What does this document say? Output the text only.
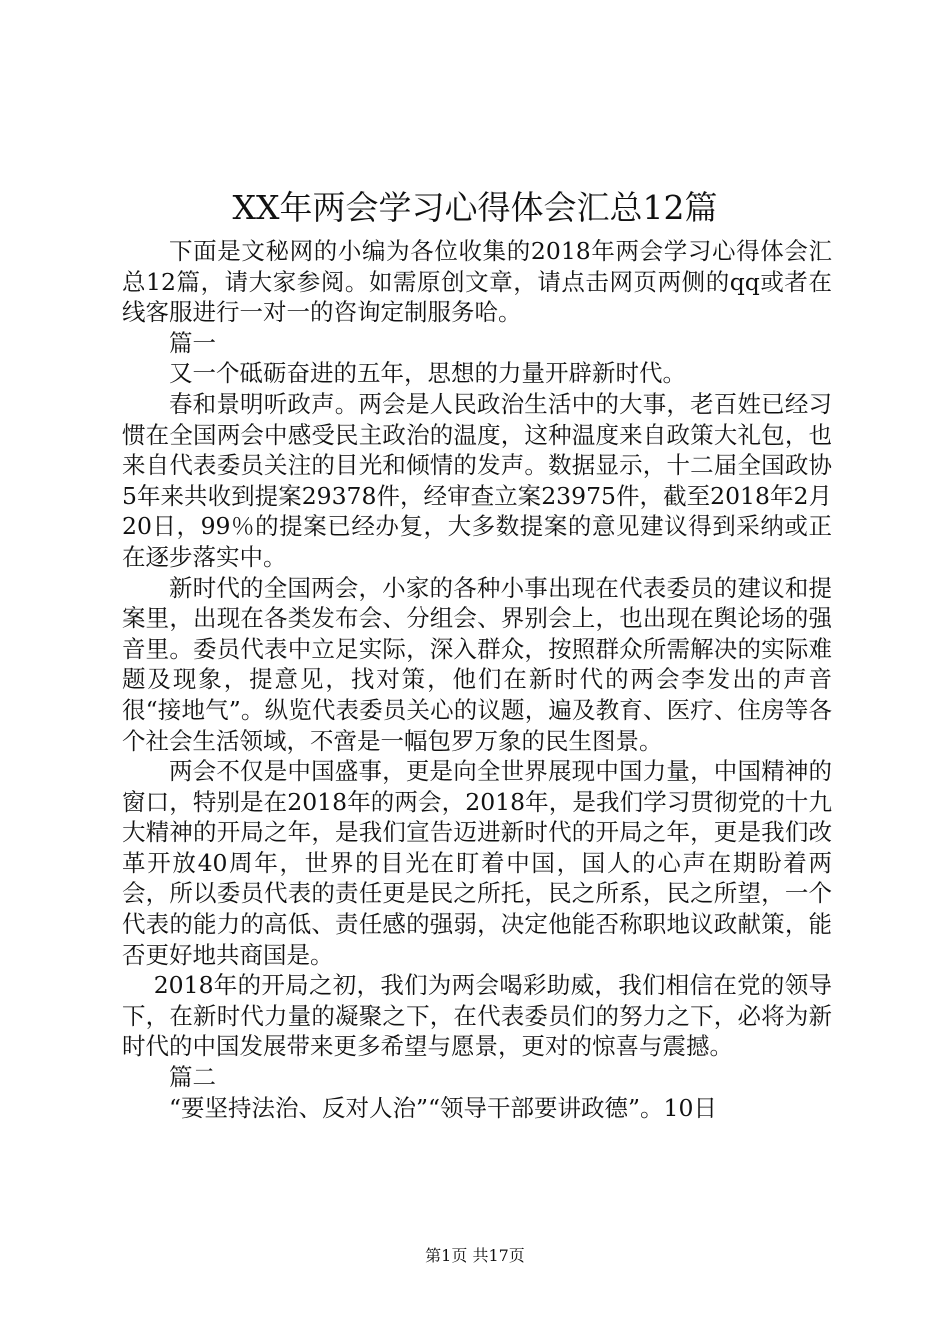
XX年两会学习心得体会汇总12篇

下面是文秘网的小编为各位收集的2018年两会学习心得体会汇总12篇，请大家参阅。如需原创文章，请点击网页两侧的qq或者在线客服进行一对一的咨询定制服务哈。

篇一

又一个砥砺奋进的五年，思想的力量开辟新时代。

春和景明听政声。两会是人民政治生活中的大事，老百姓已经习惯在全国两会中感受民主政治的温度，这种温度来自政策大礼包，也来自代表委员关注的目光和倾情的发声。数据显示，十二届全国政协5年来共收到提案29378件，经审查立案23975件，截至2018年2月20日，99％的提案已经办复，大多数提案的意见建议得到采纳或正在逐步落实中。

新时代的全国两会，小家的各种小事出现在代表委员的建议和提案里，出现在各类发布会、分组会、界别会上，也出现在舆论场的强音里。委员代表中立足实际，深入群众，按照群众所需解决的实际难题及现象，提意见，找对策，他们在新时代的两会李发出的声音很“接地气”。纵览代表委员关心的议题，遍及教育、医疗、住房等各个社会生活领域，不啻是一幅包罗万象的民生图景。

两会不仅是中国盛事，更是向全世界展现中国力量，中国精神的窗口，特别是在2018年的两会，2018年，是我们学习贯彻党的十九大精神的开局之年，是我们宣告迈进新时代的开局之年，更是我们改革开放40周年，世界的目光在盯着中国，国人的心声在期盼着两会，所以委员代表的责任更是民之所托，民之所系，民之所望，一个代表的能力的高低、责任感的强弱，决定他能否称职地议政献策，能否更好地共商国是。

2018年的开局之初，我们为两会喝彩助威，我们相信在党的领导下，在新时代力量的凝聚之下，在代表委员们的努力之下，必将为新时代的中国发展带来更多希望与愿景，更对的惊喜与震撼。

篇二

“要坚持法治、反对人治”“领导干部要讲政德”。10日

第1页 共17页
